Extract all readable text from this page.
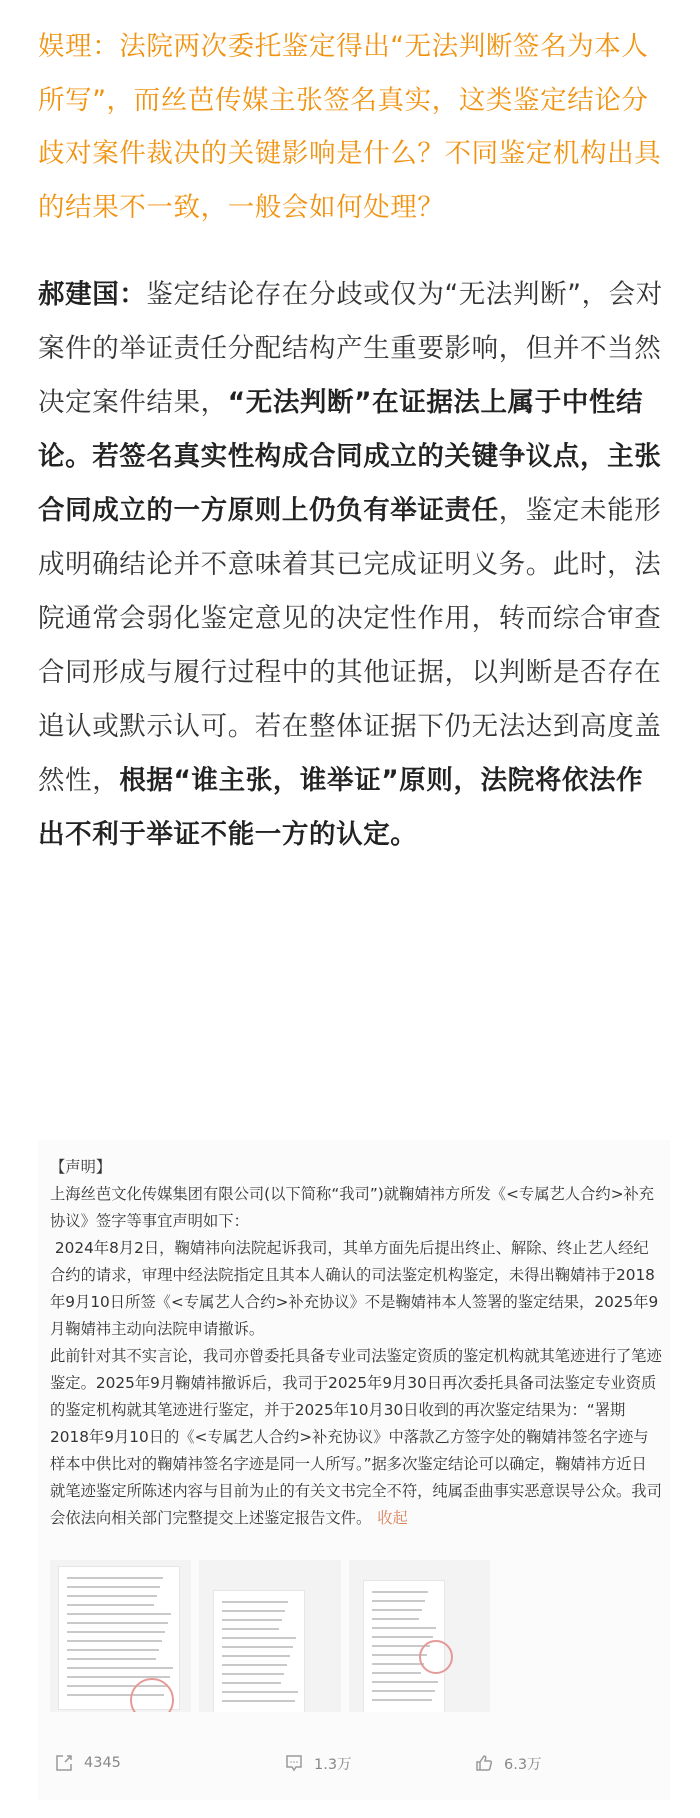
娱理：法院两次委托鉴定得出“无法判断签名为本人所写”，而丝芭传媒主张签名真实，这类鉴定结论分歧对案件裁决的关键影响是什么？不同鉴定机构出具的结果不一致，一般会如何处理？
郝建国：鉴定结论存在分歧或仅为“无法判断”，会对案件的举证责任分配结构产生重要影响，但并不当然决定案件结果，“无法判断”在证据法上属于中性结论。若签名真实性构成合同成立的关键争议点，主张合同成立的一方原则上仍负有举证责任，鉴定未能形成明确结论并不意味着其已完成证明义务。此时，法院通常会弱化鉴定意见的决定性作用，转而综合审查合同形成与履行过程中的其他证据，以判断是否存在追认或默示认可。若在整体证据下仍无法达到高度盖然性，根据“谁主张，谁举证”原则，法院将依法作出不利于举证不能一方的认定。

【声明】

上海丝芭文化传媒集团有限公司(以下简称“我司”)就鞠婧祎方所发《<专属艺人合约>补充协议》签字等事宜声明如下：

2024年8月2日，鞠婧祎向法院起诉我司，其单方面先后提出终止、解除、终止艺人经纪合约的请求，审理中经法院指定且其本人确认的司法鉴定机构鉴定，未得出鞠婧祎于2018年9月10日所签《<专属艺人合约>补充协议》不是鞠婧祎本人签署的鉴定结果，2025年9月鞠婧祎主动向法院申请撤诉。

此前针对其不实言论，我司亦曾委托具备专业司法鉴定资质的鉴定机构就其笔迹进行了笔迹鉴定。2025年9月鞠婧祎撤诉后，我司于2025年9月30日再次委托具备司法鉴定专业资质的鉴定机构就其笔迹进行鉴定，并于2025年10月30日收到的再次鉴定结果为：“署期2018年9月10日的《<专属艺人合约>补充协议》中落款乙方签字处的鞠婧祎签名字迹与样本中供比对的鞠婧祎签名字迹是同一人所写。”据多次鉴定结论可以确定，鞠婧祎方近日就笔迹鉴定所陈述内容与目前为止的有关文书完全不符，纯属歪曲事实恶意误导公众。我司会依法向相关部门完整提交上述鉴定报告文件。 收起

4345	1.3万	6.3万
